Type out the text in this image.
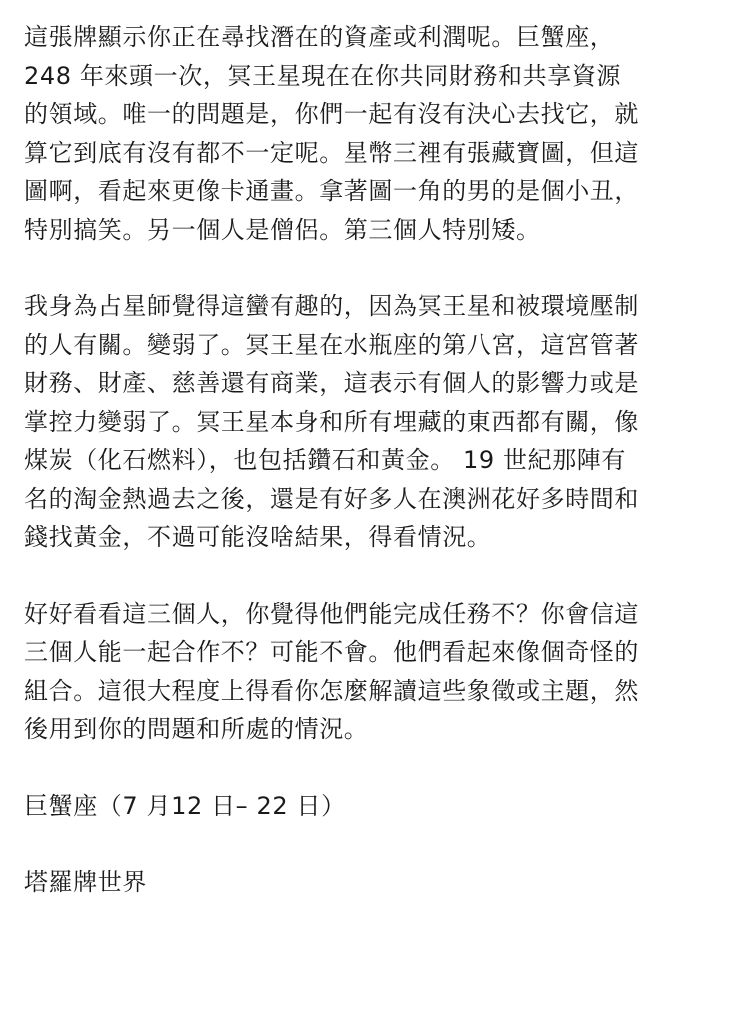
這張牌顯示你正在尋找潛在的資產或利潤呢。巨蟹座，
248 年來頭一次，冥王星現在在你共同財務和共享資源
的領域。唯一的問題是，你們一起有沒有決心去找它，就
算它到底有沒有都不一定呢。星幣三裡有張藏寶圖，但這
圖啊，看起來更像卡通畫。拿著圖一角的男的是個小丑，
特別搞笑。另一個人是僧侶。第三個人特別矮。
我身為占星師覺得這蠻有趣的，因為冥王星和被環境壓制
的人有關。變弱了。冥王星在水瓶座的第八宮，這宮管著
財務、財產、慈善還有商業，這表示有個人的影響力或是
掌控力變弱了。冥王星本身和所有埋藏的東西都有關，像
煤炭（化石燃料），也包括鑽石和黃金。 19 世紀那陣有
名的淘金熱過去之後，還是有好多人在澳洲花好多時間和
錢找黃金，不過可能沒啥結果，得看情況。
好好看看這三個人，你覺得他們能完成任務不？你會信這
三個人能一起合作不？可能不會。他們看起來像個奇怪的
組合。這很大程度上得看你怎麼解讀這些象徵或主題，然
後用到你的問題和所處的情況。
巨蟹座（7 月12 日– 22 日）
塔羅牌世界
